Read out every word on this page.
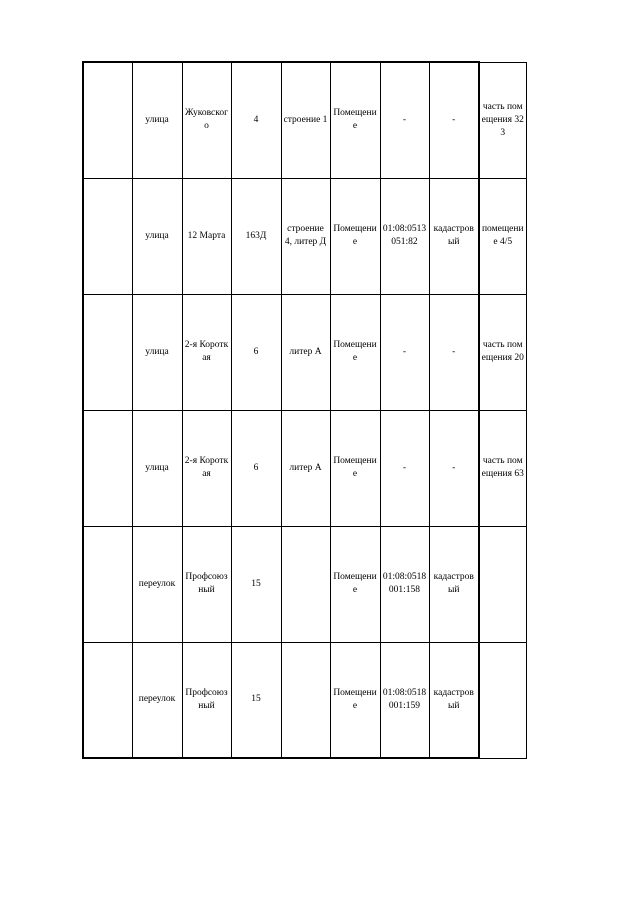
	улица	Жуковского	4	строение 1	Помещение	-	-	часть помещения 323
	улица	12 Марта	163Д	строение 4, литер Д	Помещение	01:08:0513051:82	кадастровый	помещение 4/5
	улица	2-я Короткая	6	литер А	Помещение	-	-	часть помещения 20
	улица	2-я Короткая	6	литер А	Помещение	-	-	часть помещения 63
	переулок	Профсоюзный	15		Помещение	01:08:0518001:158	кадастровый	
	переулок	Профсоюзный	15		Помещение	01:08:0518001:159	кадастровый	
